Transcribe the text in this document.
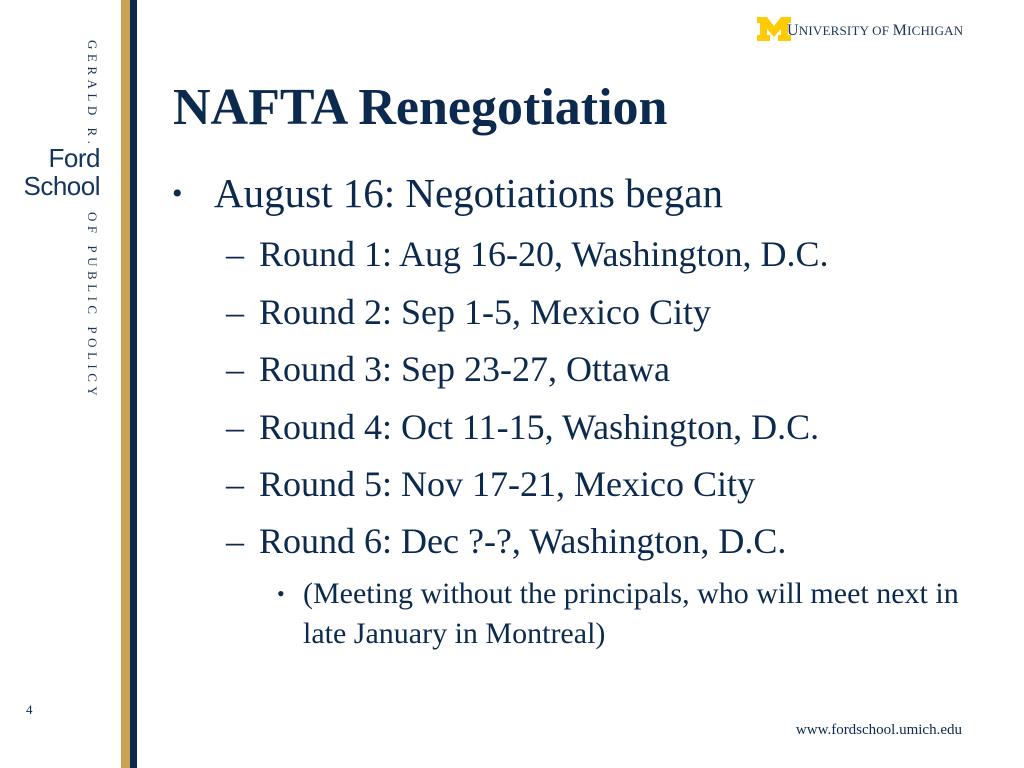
GERALD R.
Ford
School
OF PUBLIC POLICY
UNIVERSITY OF MICHIGAN
NAFTA Renegotiation
• August 16: Negotiations began
– Round 1: Aug 16-20, Washington, D.C.
– Round 2: Sep 1-5, Mexico City
– Round 3: Sep 23-27, Ottawa
– Round 4: Oct 11-15, Washington, D.C.
– Round 5: Nov 17-21, Mexico City
– Round 6: Dec ?-?, Washington, D.C.
• (Meeting without the principals, who will meet next in late January in Montreal)
4
www.fordschool.umich.edu
